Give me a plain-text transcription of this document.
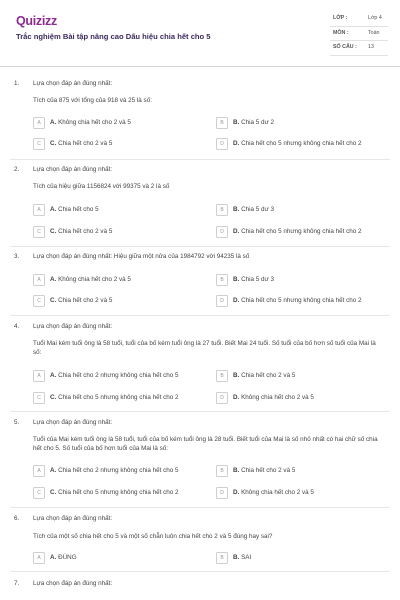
Quizizz
Trắc nghiệm Bài tập nâng cao Dấu hiệu chia hết cho 5
LỚP :	Lớp 4
MÔN :	Toán
SỐ CÂU : 13
1. Lựa chọn đáp án đúng nhất:
Tích của 875 với tổng của 918 và 25 là số:
A	A. Không chia hết cho 2 và 5	B	B. Chia 5 dư 2
C	C. Chia hết cho 2 và 5	D	D. Chia hết cho 5 nhưng không chia hết cho 2
2. Lựa chọn đáp án đúng nhất:
Tích của hiệu giữa 1156824 với 99375 và 2 là số
A	A. Chia hết cho 5	B	B. Chia 5 dư 3
C	C. Chia hết cho 2 và 5	D	D. Chia hết cho 5 nhưng không chia hết cho 2
3. Lựa chọn đáp án đúng nhất: Hiệu giữa một nửa của 1984792 với 94235 là số
A	A. Không chia hết cho 2 và 5	B	B. Chia 5 dư 3
C	C. Chia hết cho 2 và 5	D	D. Chia hết cho 5 nhưng không chia hết cho 2
4. Lựa chọn đáp án đúng nhất:
Tuổi Mai kém tuổi ông là 58 tuổi, tuổi của bố kém tuổi ông là 27 tuổi. Biết Mai 24 tuổi. Số tuổi của bố hơn số tuổi của Mai là số:
A	A. Chia hết cho 2 nhưng không chia hết cho 5	B	B. Chia hết cho 2 và 5
C	C. Chia hết cho 5 nhưng không chia hết cho 2	D	D. Không chia hết cho 2 và 5
5. Lựa chọn đáp án đúng nhất:
Tuổi của Mai kém tuổi ông là 58 tuổi, tuổi của bố kém tuổi ông là 28 tuổi. Biết tuổi của Mai là số nhỏ nhất có hai chữ số chia hết cho 5. Số tuổi của bố hơn tuổi của Mai là số:
A	A. Chia hết cho 2 nhưng không chia hết cho 5	B	B. Chia hết cho 2 và 5
C	C. Chia hết cho 5 nhưng không chia hết cho 2	D	D. Không chia hết cho 2 và 5
6. Lựa chọn đáp án đúng nhất:
Tích của một số chia hết cho 5 và một số chẵn luôn chia hết cho 2 và 5 đúng hay sai?
A	A. ĐÚNG	B	B. SAI
7. Lựa chọn đáp án đúng nhất:
